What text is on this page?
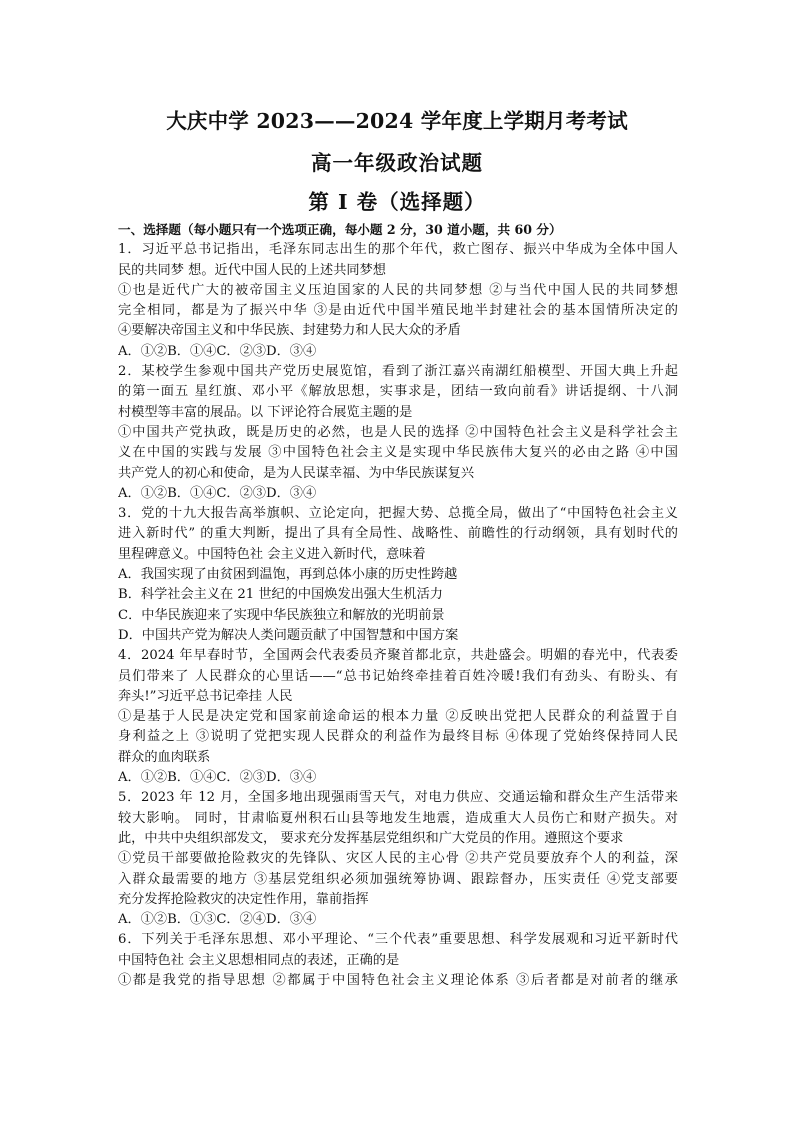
大庆中学 2023——2024 学年度上学期月考考试
高一年级政治试题
第 I 卷（选择题）
一、选择题（每小题只有一个选项正确，每小题 2 分，30 道小题，共 60 分）
1．习近平总书记指出，毛泽东同志出生的那个年代，救亡图存、振兴中华成为全体中国人
民的共同梦 想。近代中国人民的上述共同梦想
①也是近代广大的被帝国主义压迫国家的人民的共同梦想 ②与当代中国人民的共同梦想
完全相同，都是为了振兴中华 ③是由近代中国半殖民地半封建社会的基本国情所决定的
④要解决帝国主义和中华民族、封建势力和人民大众的矛盾
A．①②B．①④C．②③D．③④
2．某校学生参观中国共产党历史展览馆，看到了浙江嘉兴南湖红船模型、开国大典上升起
的第一面五 星红旗、邓小平《解放思想，实事求是，团结一致向前看》讲话提纲、十八洞
村模型等丰富的展品。以 下评论符合展览主题的是
①中国共产党执政，既是历史的必然，也是人民的选择 ②中国特色社会主义是科学社会主
义在中国的实践与发展 ③中国特色社会主义是实现中华民族伟大复兴的必由之路 ④中国
共产党人的初心和使命，是为人民谋幸福、为中华民族谋复兴
A．①②B．①④C．②③D．③④
3．党的十九大报告高举旗帜、立论定向，把握大势、总揽全局，做出了“中国特色社会主义
进入新时代” 的重大判断，提出了具有全局性、战略性、前瞻性的行动纲领，具有划时代的
里程碑意义。中国特色社 会主义进入新时代，意味着
A．我国实现了由贫困到温饱，再到总体小康的历史性跨越
B．科学社会主义在 21 世纪的中国焕发出强大生机活力
C．中华民族迎来了实现中华民族独立和解放的光明前景
D．中国共产党为解决人类问题贡献了中国智慧和中国方案
4．2024 年早春时节，全国两会代表委员齐聚首都北京，共赴盛会。明媚的春光中，代表委
员们带来了 人民群众的心里话——“总书记始终牵挂着百姓冷暖!我们有劲头、有盼头、有
奔头!”习近平总书记牵挂 人民
①是基于人民是决定党和国家前途命运的根本力量 ②反映出党把人民群众的利益置于自
身利益之上 ③说明了党把实现人民群众的利益作为最终目标 ④体现了党始终保持同人民
群众的血肉联系
A．①②B．①④C．②③D．③④
5．2023 年 12 月，全国多地出现强雨雪天气，对电力供应、交通运输和群众生产生活带来
较大影响。 同时，甘肃临夏州积石山县等地发生地震，造成重大人员伤亡和财产损失。对
此，中共中央组织部发文， 要求充分发挥基层党组织和广大党员的作用。遵照这个要求
①党员干部要做抢险救灾的先锋队、灾区人民的主心骨 ②共产党员要放弃个人的利益，深
入群众最需要的地方 ③基层党组织必须加强统筹协调、跟踪督办，压实责任 ④党支部要
充分发挥抢险救灾的决定性作用，靠前指挥
A．①②B．①③C．②④D．③④
6．下列关于毛泽东思想、邓小平理论、“三个代表”重要思想、科学发展观和习近平新时代
中国特色社 会主义思想相同点的表述，正确的是
①都是我党的指导思想 ②都属于中国特色社会主义理论体系 ③后者都是对前者的继承
